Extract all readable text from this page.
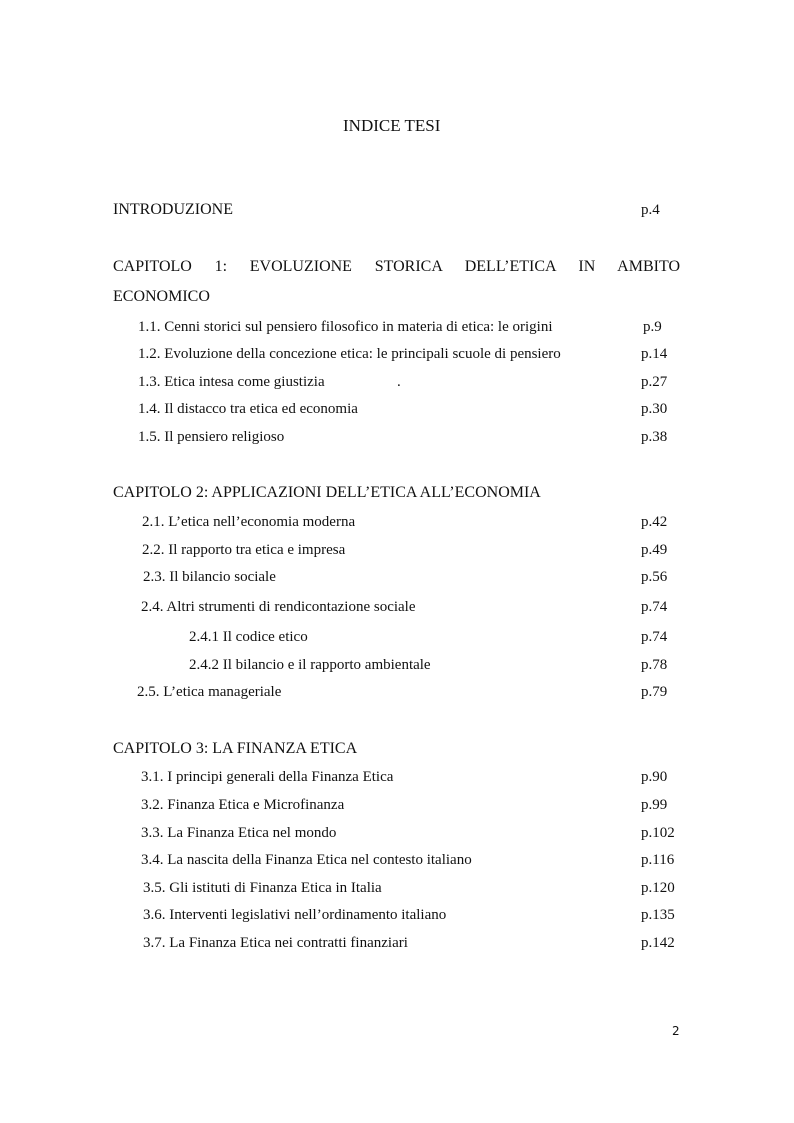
INDICE TESI
INTRODUZIONE	p.4
CAPITOLO 1: EVOLUZIONE STORICA DELL’ETICA IN AMBITO
ECONOMICO
1.1. Cenni storici sul pensiero filosofico in materia di etica: le origini	p.9
1.2. Evoluzione della concezione etica: le principali scuole di pensiero	p.14
1.3. Etica intesa come giustizia	.	p.27
1.4. Il distacco tra etica ed economia	p.30
1.5. Il pensiero religioso	p.38
CAPITOLO 2: APPLICAZIONI DELL’ETICA ALL’ECONOMIA
2.1. L’etica nell’economia moderna	p.42
2.2. Il rapporto tra etica e impresa	p.49
2.3. Il bilancio sociale	p.56
2.4. Altri strumenti di rendicontazione sociale	p.74
2.4.1 Il codice etico	p.74
2.4.2 Il bilancio e il rapporto ambientale	p.78
2.5. L’etica manageriale	p.79
CAPITOLO 3: LA FINANZA ETICA
3.1. I principi generali della Finanza Etica	p.90
3.2. Finanza Etica e Microfinanza	p.99
3.3. La Finanza Etica nel mondo	p.102
3.4. La nascita della Finanza Etica nel contesto italiano	p.116
3.5. Gli istituti di Finanza Etica in Italia	p.120
3.6. Interventi legislativi nell’ordinamento italiano	p.135
3.7. La Finanza Etica nei contratti finanziari	p.142
2
